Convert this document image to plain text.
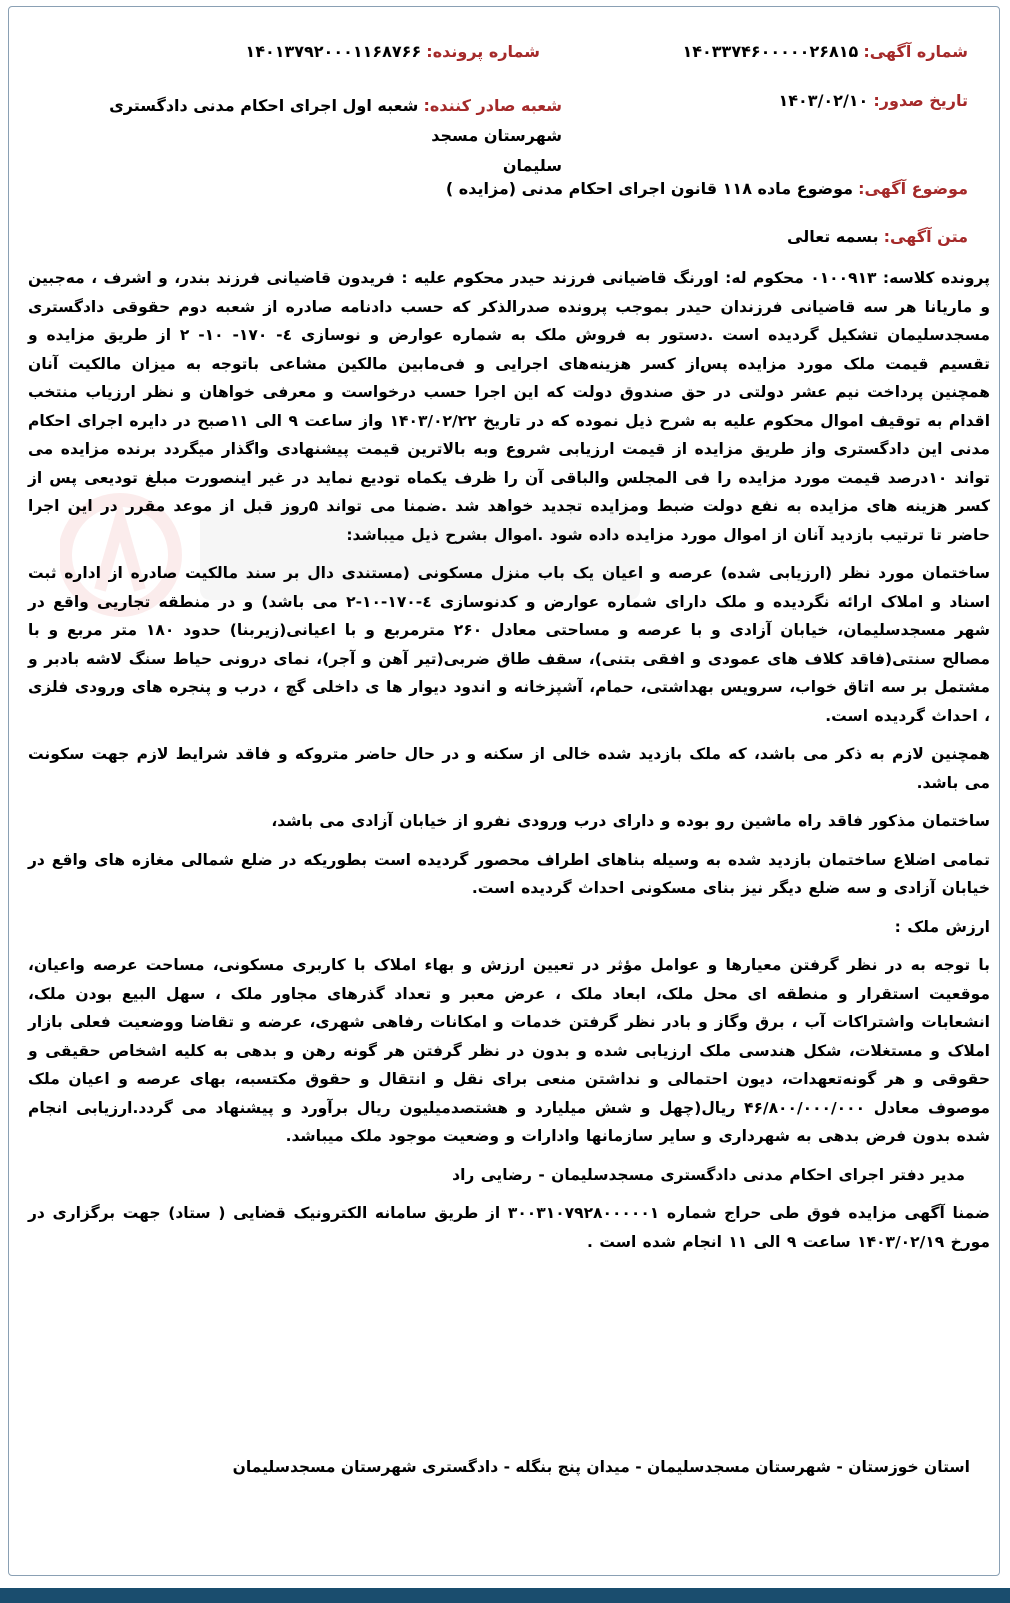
شماره آگهی: ۱۴۰۳۳۷۴۶۰۰۰۰۰۲۶۸۱۵
شماره پرونده: ۱۴۰۱۳۷۹۲۰۰۰۱۱۶۸۷۶۶
تاریخ صدور: ۱۴۰۳/۰۲/۱۰
شعبه صادر کننده: شعبه اول اجرای احکام مدنی دادگستری شهرستان مسجد
سلیمان
موضوع آگهی: موضوع ماده ۱۱۸ قانون اجرای احکام مدنی (مزایده )
متن آگهی: بسمه تعالی

پرونده کلاسه: ۰۱۰۰۹۱۳ محکوم له: اورنگ قاضیانی فرزند حیدر محکوم علیه : فریدون قاضیانی فرزند بندر، و اشرف ، مه‌جبین و ماریانا هر سه قاضیانی فرزندان حیدر بموجب پرونده صدرالذکر که حسب دادنامه صادره از شعبه دوم حقوقی دادگستری مسجدسلیمان تشکیل گردیده است .دستور به فروش ملک به شماره عوارض و نوسازی ٤- ۱۷۰- ۱۰- ۲ از طریق مزایده و تقسیم قیمت ملک مورد مزایده پس‌از کسر هزینه‌های اجرایی و فی‌مابین مالکین مشاعی باتوجه به میزان مالکیت آنان همچنین پرداخت نیم عشر دولتی در حق صندوق دولت که این اجرا حسب درخواست و معرفی خواهان و نظر ارزیاب منتخب اقدام به توقیف اموال محکوم علیه به شرح ذیل نموده که در تاریخ ۱۴۰۳/۰۲/۲۲ واز ساعت ۹ الی ۱۱صبح در دایره اجرای احکام مدنی این دادگستری واز طریق مزایده از قیمت ارزیابی شروع وبه بالاترین قیمت پیشنهادی واگذار میگردد برنده مزایده می تواند ۱۰درصد قیمت مورد مزایده را فی المجلس والباقی آن را ظرف یکماه تودیع نماید در غیر اینصورت مبلغ تودیعی پس از کسر هزینه های مزایده به نفع دولت ضبط ومزایده تجدید خواهد شد .ضمنا می تواند ۵روز قبل از موعد مقرر در این اجرا حاضر تا ترتیب بازدید آنان از اموال مورد مزایده داده شود .اموال بشرح ذیل میباشد:

ساختمان مورد نظر (ارزیابی شده) عرصه و اعیان یک باب منزل مسکونی (مستندی دال بر سند مالکیت صادره از اداره ثبت اسناد و املاک ارائه نگردیده و ملک دارای شماره عوارض و کدنوسازی ٤-۱۷۰-۱۰-۲ می باشد) و در منطقه تجاریی واقع در شهر مسجدسلیمان، خیابان آزادی و با عرصه و مساحتی معادل ۲۶۰ مترمربع و با اعیانی(زیربنا) حدود ۱۸۰ متر مربع و با مصالح سنتی(فاقد کلاف های عمودی و افقی بتنی)، سقف طاق ضربی(تیر آهن و آجر)، نمای درونی حیاط سنگ لاشه بادبر و مشتمل بر سه اتاق خواب، سرویس بهداشتی، حمام، آشپزخانه و اندود دیوار ها ی داخلی گچ ، درب و پنجره های ورودی فلزی ، احداث گردیده است.

همچنین لازم به ذکر می باشد، که ملک بازدید شده خالی از سکنه و در حال حاضر متروکه و فاقد شرایط لازم جهت سکونت می باشد.

ساختمان مذکور فاقد راه ماشین رو بوده و دارای درب ورودی نفرو از خیابان آزادی می باشد،

تمامی اضلاع ساختمان بازدید شده به وسیله بناهای اطراف محصور گردیده است بطوریکه در ضلع شمالی مغازه های واقع در خیابان آزادی و سه ضلع دیگر نیز بنای مسکونی احداث گردیده است.

ارزش ملک :

با توجه به در نظر گرفتن معیارها و عوامل مؤثر در تعیین ارزش و بهاء املاک با کاربری مسکونی، مساحت عرصه واعیان، موقعیت استقرار و منطقه ای محل ملک، ابعاد ملک ، عرض معبر و تعداد گذرهای مجاور ملک ، سهل البیع بودن ملک، انشعابات واشتراکات آب ، برق وگاز و بادر نظر گرفتن خدمات و امکانات رفاهی شهری، عرضه و تقاضا ووضعیت فعلی بازار املاک و مستغلات، شکل هندسی ملک ارزیابی شده و بدون در نظر گرفتن هر گونه رهن و بدهی به کلیه اشخاص حقیقی و حقوقی و هر گونه‌تعهدات، دیون احتمالی و نداشتن منعی برای نقل و انتقال و حقوق مکتسبه، بهای عرصه و اعیان ملک موصوف معادل ۴۶/۸۰۰/۰۰۰/۰۰۰ ریال(چهل و شش میلیارد و هشتصدمیلیون ریال برآورد و پیشنهاد می گردد.ارزیابی انجام شده بدون فرض بدهی به شهرداری و سایر سازمانها وادارات و وضعیت موجود ملک میباشد.

مدیر دفتر اجرای احکام مدنی دادگستری مسجدسلیمان - رضایی راد

ضمنا آگهی مزایده فوق طی حراج شماره ۳۰۰۳۱۰۷۹۲۸۰۰۰۰۰۱ از طریق سامانه الکترونیک قضایی ( ستاد) جهت برگزاری در مورخ ۱۴۰۳/۰۲/۱۹ ساعت ۹ الی ۱۱ انجام شده است .

استان خوزستان - شهرستان مسجدسلیمان - میدان پنج بنگله - دادگستری شهرستان مسجدسلیمان
